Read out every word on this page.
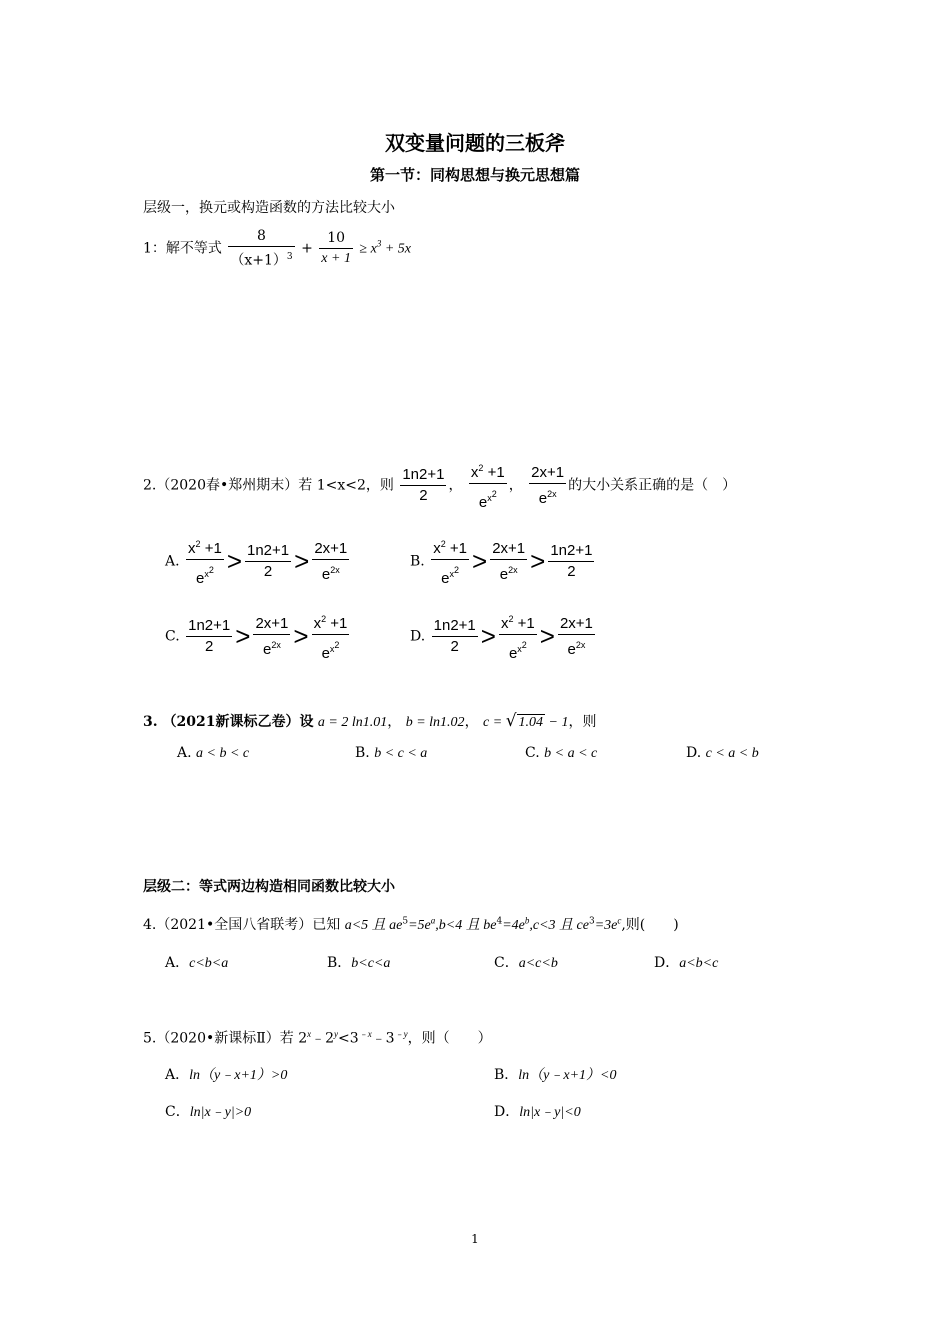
双变量问题的三板斧
第一节：同构思想与换元思想篇
层级一，换元或构造函数的方法比较大小
1：解不等式 $\frac{8}{(x+1)^3} + \frac{10}{x + 1} \ge x^3 + 5x$
2.（2020春•郑州期末）若 1<x<2，则 $\frac{1n2+1}{2}$ ， $\frac{x^2 +1}{e^{x^2}}$ ， $\frac{2x+1}{e^{2x}}$ 的大小关系正确的是（　）
A. $\frac{x^2 +1}{e^{x^2}} > \frac{1n2+1}{2} > \frac{2x+1}{e^{2x}}$	B. $\frac{x^2 +1}{e^{x^2}} > \frac{2x+1}{e^{2x}} > \frac{1n2+1}{2}$
C. $\frac{1n2+1}{2} > \frac{2x+1}{e^{2x}} > \frac{x^2 +1}{e^{x^2}}$	D. $\frac{1n2+1}{2} > \frac{x^2 +1}{e^{x^2}} > \frac{2x+1}{e^{2x}}$
3. （2021新课标乙卷）设 a = 2 ln1.01， b = ln1.02， c = √ 1.04 − 1，则
A. a < b < c	B. b < c < a	C. b < a < c	D. c < a < b
层级二：等式两边构造相同函数比较大小
4.（2021•全国八省联考）已知 a<5 且 $ae^5=5e^a,b<4$ 且 $be^4=4e^b,c<3$ 且 $ce^3=3e^c$,则(　　)
A．c<b<a	B．b<c<a	C．a<c<b	D．a<b<c
5.（2020•新课标Ⅱ）若 $2^x﹣2^y<3^{﹣x}﹣3^{﹣y}$，则（　　）
A．ln（y﹣x+1）>0	B．ln（y﹣x+1）<0
C．ln|x﹣y|>0	D．ln|x﹣y|<0
1
